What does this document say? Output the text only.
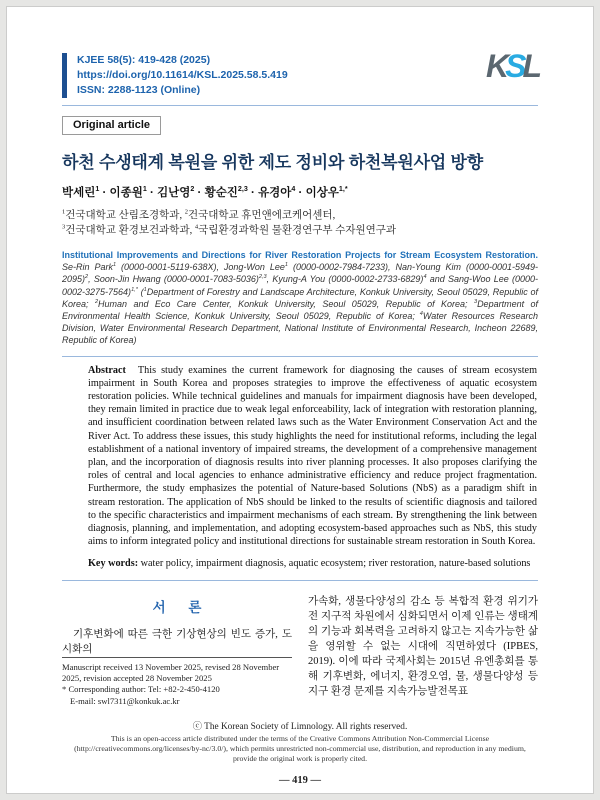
KJEE 58(5): 419-428 (2025)
https://doi.org/10.11614/KSL.2025.58.5.419
ISSN: 2288-1123 (Online)
KSL
Original article
하천 수생태계 복원을 위한 제도 정비와 하천복원사업 방향
박세린$^1$ · 이종원$^1$ · 김난영$^2$ · 황순진$^{2,3}$ · 유경아$^4$ · 이상우$^{1,*}$
$^1$건국대학교 산림조경학과, $^2$건국대학교 휴먼앤에코케어센터,
$^3$건국대학교 환경보건과학과, $^4$국립환경과학원 물환경연구부 수자원연구과
Institutional Improvements and Directions for River Restoration Projects for Stream Ecosystem Restoration. Se-Rin Park$^1$ (0000-0001-5119-638X), Jong-Won Lee$^1$ (0000-0002-7984-7233), Nan-Young Kim $(0000-0001-5949-2095)^2$, Soon-Jin Hwang $(0000-0001-7083-5036)^{2,3}$, Kyung-A You $(0000-0002-2733-6829)^4$ and Sang-Woo Lee $(0000-0002-3275-7564)^{1,*}$ ($^1$Department of Forestry and Landscape Architecture, Konkuk University, Seoul 05029, Republic of Korea; $^2$Human and Eco Care Center, Konkuk University, Seoul 05029, Republic of Korea; $^3$Department of Environmental Health Science, Konkuk University, Seoul 05029, Republic of Korea; $^4$Water Resources Research Division, Water Environmental Research Department, National Institute of Environmental Research, Incheon 22689, Republic of Korea)
Abstract This study examines the current framework for diagnosing the causes of stream ecosystem impairment in South Korea and proposes strategies to improve the effectiveness of aquatic ecosystem restoration policies. While technical guidelines and manuals for impairment diagnosis have been developed, they remain limited in practice due to weak legal enforceability, lack of integration with restoration planning, and insufficient coordination between related laws such as the Water Environment Conservation Act and the River Act. To address these issues, this study highlights the need for institutional reforms, including the legal establishment of a national inventory of impaired streams, the development of a comprehensive management plan, and the incorporation of diagnosis results into river planning processes. It also proposes clarifying the roles of central and local agencies to enhance administrative efficiency and reduce project fragmentation. Furthermore, the study emphasizes the potential of Nature-based Solutions (NbS) as a paradigm shift in stream restoration. The application of NbS should be linked to the results of scientific diagnosis and tailored to the specific characteristics and impairment mechanisms of each stream. By strengthening the link between diagnosis, planning, and implementation, and adopting ecosystem-based approaches such as NbS, this study aims to inform integrated policy and institutional directions for sustainable stream restoration in South Korea.
Key words: water policy, impairment diagnosis, aquatic ecosystem; river restoration, nature-based solutions
서 론
기후변화에 따른 극한 기상현상의 빈도 증가, 도시화의
Manuscript received 13 November 2025, revised 28 November 2025, revision accepted 28 November 2025
* Corresponding author: Tel: +82-2-450-4120
E-mail: swl7311@konkuk.ac.kr
가속화, 생물다양성의 감소 등 복합적 환경 위기가 전 지구적 차원에서 심화되면서 이제 인류는 생태계의 기능과 회복력을 고려하지 않고는 지속가능한 삶을 영위할 수 없는 시대에 직면하였다 (IPBES, 2019). 이에 따라 국제사회는 2015년 유엔총회를 통해 기후변화, 에너지, 환경오염, 물, 생물다양성 등 지구 환경 문제를 지속가능발전목표
ⓒ The Korean Society of Limnology. All rights reserved.
This is an open-access article distributed under the terms of the Creative Commons Attribution Non-Commercial License (http://creativecommons.org/licenses/by-nc/3.0/), which permits unrestricted non-commercial use, distribution, and reproduction in any medium, provide the original work is properly cited.
— 419 —
